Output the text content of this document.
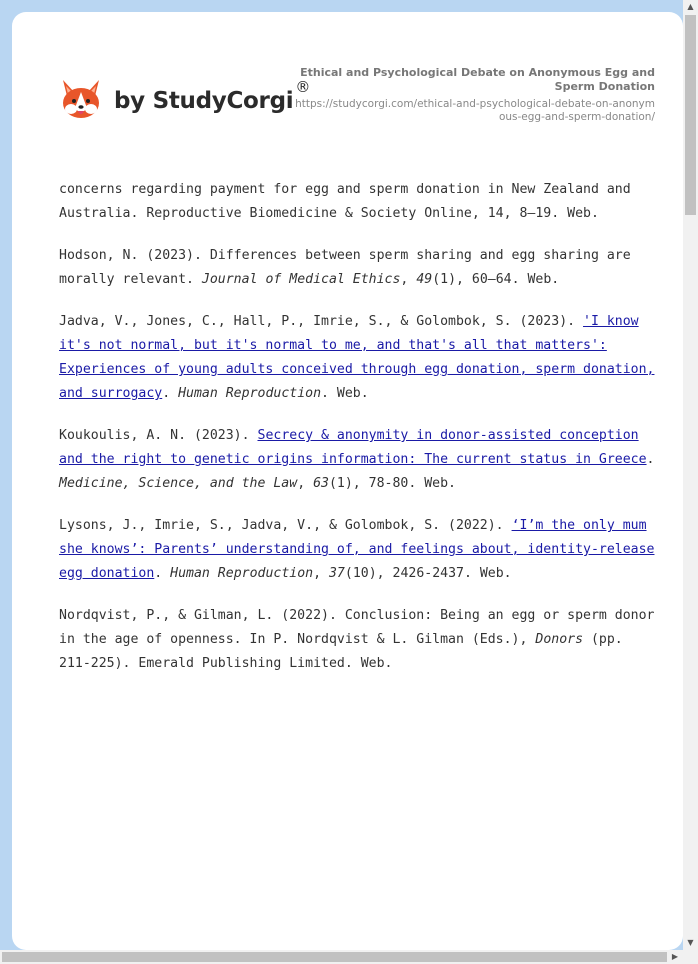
by StudyCorgi®
Ethical and Psychological Debate on Anonymous Egg and Sperm Donation
https://studycorgi.com/ethical-and-psychological-debate-on-anonymous-egg-and-sperm-donation/

concerns regarding payment for egg and sperm donation in New Zealand and Australia. Reproductive Biomedicine & Society Online, 14, 8–19. Web.

Hodson, N. (2023). Differences between sperm sharing and egg sharing are morally relevant. Journal of Medical Ethics, 49(1), 60–64. Web.

Jadva, V., Jones, C., Hall, P., Imrie, S., & Golombok, S. (2023). 'I know it's not normal, but it's normal to me, and that's all that matters': Experiences of young adults conceived through egg donation, sperm donation, and surrogacy. Human Reproduction. Web.

Koukoulis, A. N. (2023). Secrecy & anonymity in donor-assisted conception and the right to genetic origins information: The current status in Greece. Medicine, Science, and the Law, 63(1), 78-80. Web.

Lysons, J., Imrie, S., Jadva, V., & Golombok, S. (2022). ‘I’m the only mum she knows’: Parents’ understanding of, and feelings about, identity-release egg donation. Human Reproduction, 37(10), 2426-2437. Web.

Nordqvist, P., & Gilman, L. (2022). Conclusion: Being an egg or sperm donor in the age of openness. In P. Nordqvist & L. Gilman (Eds.), Donors (pp. 211-225). Emerald Publishing Limited. Web.

▲
▼
▶
